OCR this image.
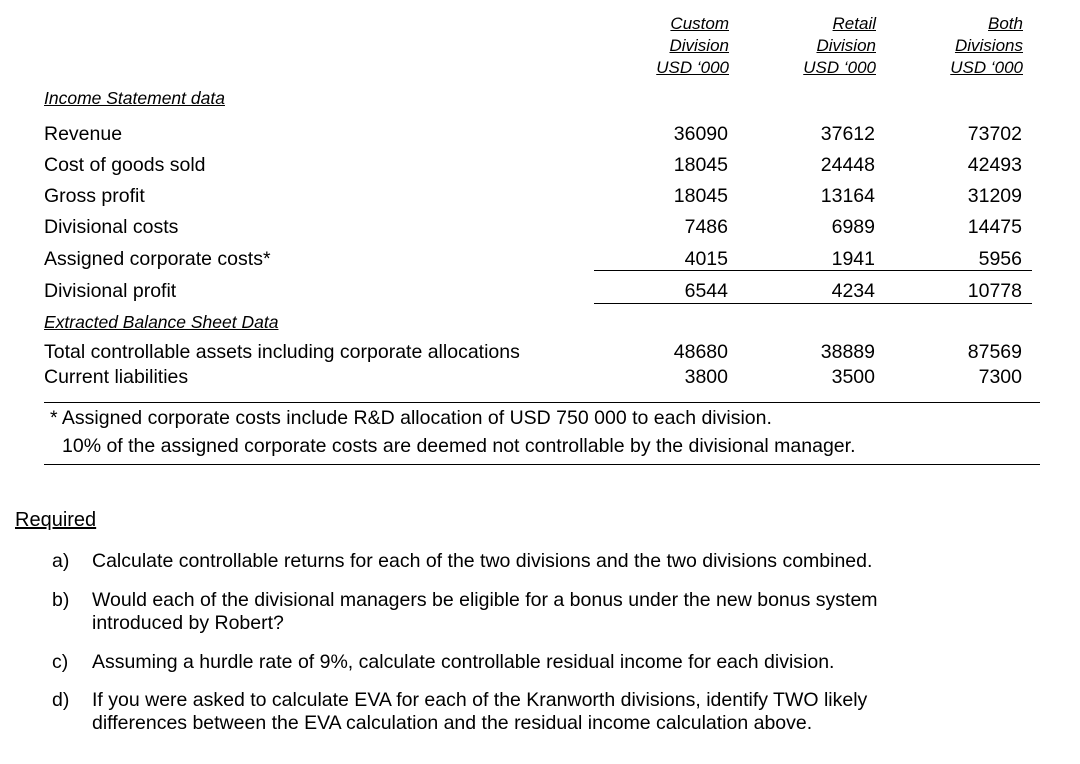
Custom
Division
USD ‘000
Retail
Division
USD ‘000
Both
Divisions
USD ‘000
Income Statement data
Revenue	36090	37612	73702
Cost of goods sold	18045	24448	42493
Gross profit	18045	13164	31209
Divisional costs	7486	6989	14475
Assigned corporate costs*	4015	1941	5956
Divisional profit	6544	4234	10778
Extracted Balance Sheet Data
Total controllable assets including corporate allocations	48680	38889	87569
Current liabilities	3800	3500	7300
* Assigned corporate costs include R&D allocation of USD 750 000 to each division.
10% of the assigned corporate costs are deemed not controllable by the divisional manager.
Required
a) Calculate controllable returns for each of the two divisions and the two divisions combined.
b) Would each of the divisional managers be eligible for a bonus under the new bonus system introduced by Robert?
c) Assuming a hurdle rate of 9%, calculate controllable residual income for each division.
d) If you were asked to calculate EVA for each of the Kranworth divisions, identify TWO likely differences between the EVA calculation and the residual income calculation above.
